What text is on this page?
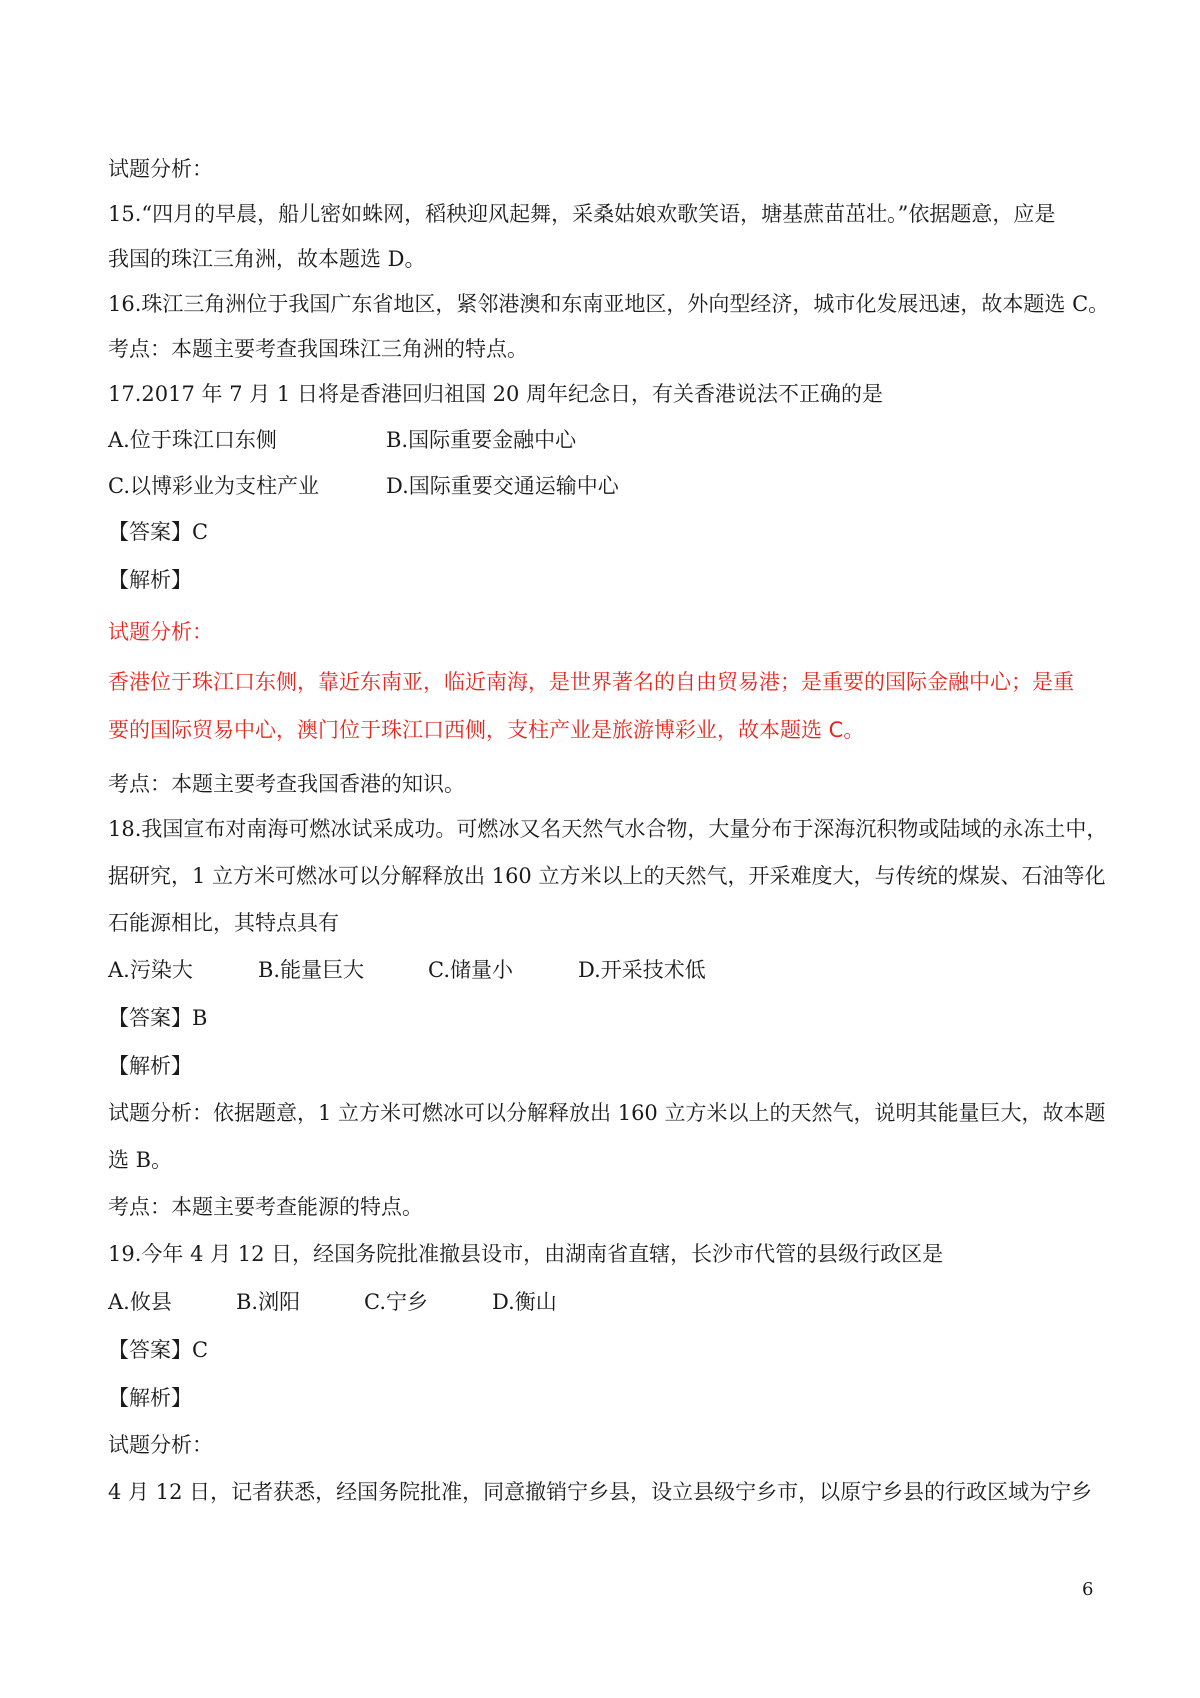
试题分析：
15.“四月的早晨，船儿密如蛛网，稻秧迎风起舞，采桑姑娘欢歌笑语，塘基蔗苗茁壮。”依据题意，应是
我国的珠江三角洲，故本题选 D。
16.珠江三角洲位于我国广东省地区，紧邻港澳和东南亚地区，外向型经济，城市化发展迅速，故本题选 C。
考点：本题主要考查我国珠江三角洲的特点。
17.2017 年 7 月 1 日将是香港回归祖国 20 周年纪念日，有关香港说法不正确的是
A.位于珠江口东侧	B.国际重要金融中心
C.以博彩业为支柱产业	D.国际重要交通运输中心
【答案】C
【解析】
试题分析：
香港位于珠江口东侧，靠近东南亚，临近南海，是世界著名的自由贸易港；是重要的国际金融中心；是重
要的国际贸易中心，澳门位于珠江口西侧，支柱产业是旅游博彩业，故本题选 C。
考点：本题主要考查我国香港的知识。
18.我国宣布对南海可燃冰试采成功。可燃冰又名天然气水合物，大量分布于深海沉积物或陆域的永冻土中，
据研究，1 立方米可燃冰可以分解释放出 160 立方米以上的天然气，开采难度大，与传统的煤炭、石油等化
石能源相比，其特点具有
A.污染大	B.能量巨大	C.储量小	D.开采技术低
【答案】B
【解析】
试题分析：依据题意，1 立方米可燃冰可以分解释放出 160 立方米以上的天然气，说明其能量巨大，故本题
选 B。
考点：本题主要考查能源的特点。
19.今年 4 月 12 日，经国务院批准撤县设市，由湖南省直辖，长沙市代管的县级行政区是
A.攸县	B.浏阳	C.宁乡	D.衡山
【答案】C
【解析】
试题分析：
4 月 12 日，记者获悉，经国务院批准，同意撤销宁乡县，设立县级宁乡市，以原宁乡县的行政区域为宁乡
6
